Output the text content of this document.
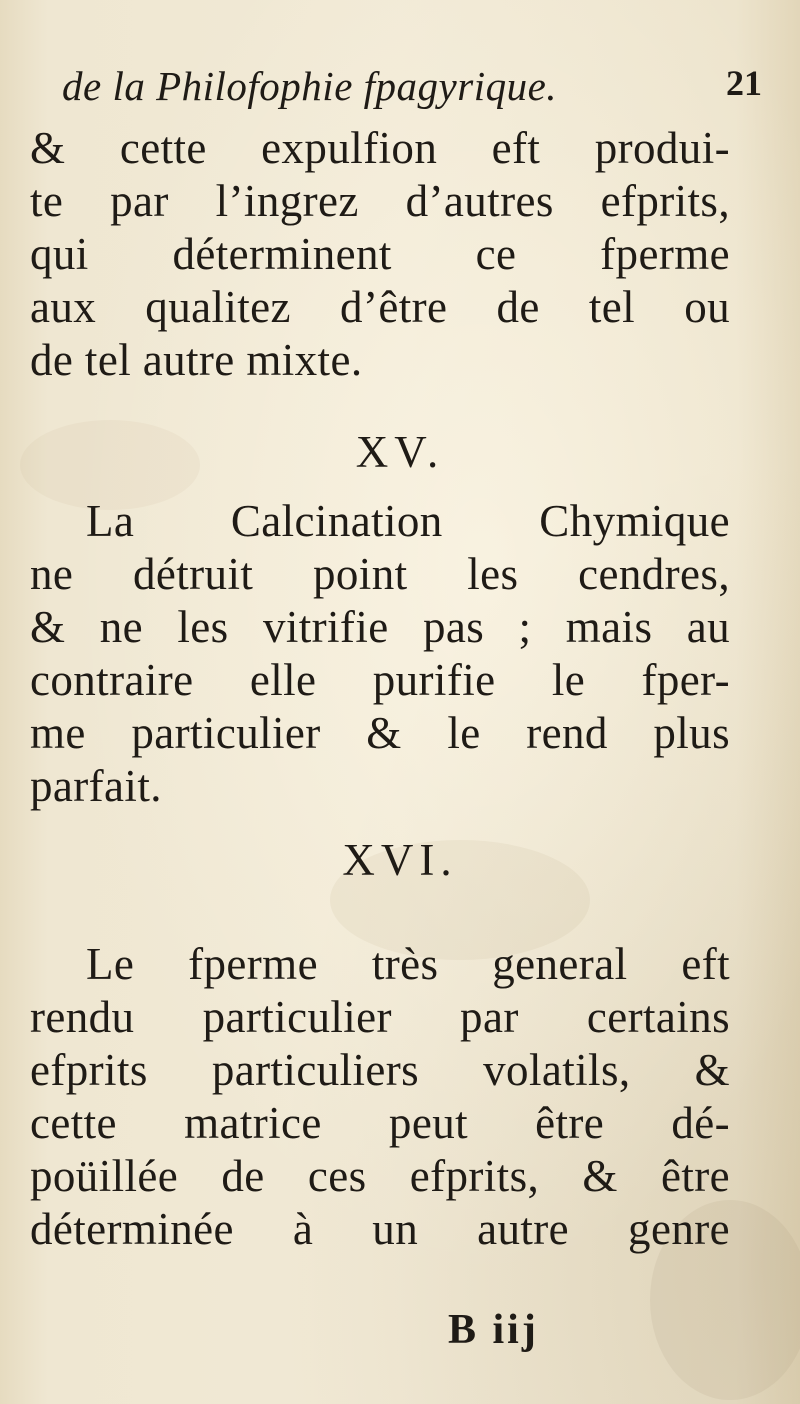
de la Philofophie fpagyrique.	21
& cette expulfion eft produi-
te par l’ingrez d’autres efprits,
qui déterminent ce fperme
aux qualitez d’être de tel ou
de tel autre mixte.
XV.
La Calcination Chymique
ne détruit point les cendres,
& ne les vitrifie pas ; mais au
contraire elle purifie le fper-
me particulier & le rend plus
parfait.
XVI.
Le fperme très general eft
rendu particulier par certains
efprits particuliers volatils, &
cette matrice peut être dé-
poüillée de ces efprits, & être
déterminée à un autre genre
B iij
